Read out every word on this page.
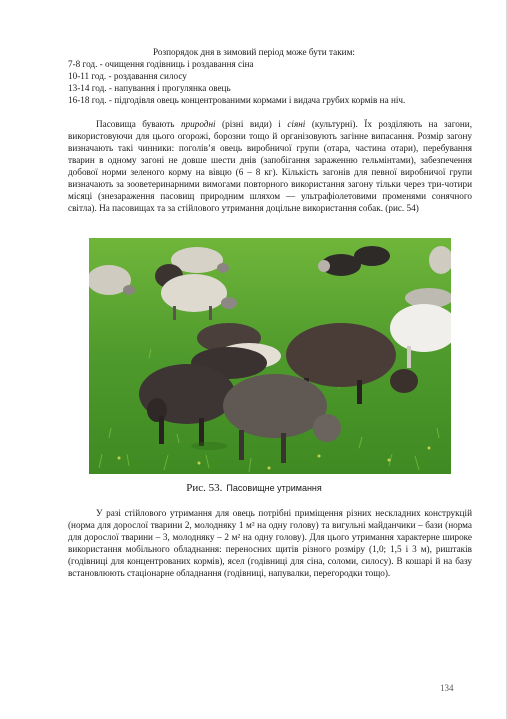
Розпорядок дня в зимовий період може бути таким:
7-8 год. - очищення годівниць і роздавання сіна
10-11 год. - роздавання силосу
13-14 год. - напування і прогулянка овець
16-18 год. - підгодівля овець концентрованими кормами і видача грубих кормів на ніч.
Пасовища бувають природні (різні види) і сіяні (культурні). Їх розділяють на загони, використовуючи для цього огорожі, борозни тощо й організовують загінне випасання. Розмір загону визначають такі чинники: поголів’я овець виробничої групи (отара, частина отари), перебування тварин в одному загоні не довше шести днів (запобігання зараженню гельмінтами), забезпечення добової норми зеленого корму на вівцю (6 – 8 кг). Кількість загонів для певної виробничої групи визначають за зооветеринарними вимогами повторного використання загону тільки через три-чотири місяці (знезараження пасовищ природним шляхом — ультрафіолетовими променями сонячного світла). На пасовищах та за стійлового утримання доцільне використання собак. (рис. 54)
Рис. 53. Пасовищне утримання
У разі стійлового утримання для овець потрібні приміщення різних нескладних конструкцій (норма для дорослої тварини 2, молодняку 1 м² на одну голову) та вигульні майданчики – бази (норма для дорослої тварини – 3, молодняку – 2 м² на одну голову). Для цього утримання характерне широке використання мобільного обладнання: переносних щитів різного розміру (1,0; 1,5 і 3 м), риштаків (годівниці для концентрованих кормів), ясел (годівниці для сіна, соломи, силосу). В кошарі й на базу встановлюють стаціонарне обладнання (годівниці, напувалки, перегородки тощо).
134
